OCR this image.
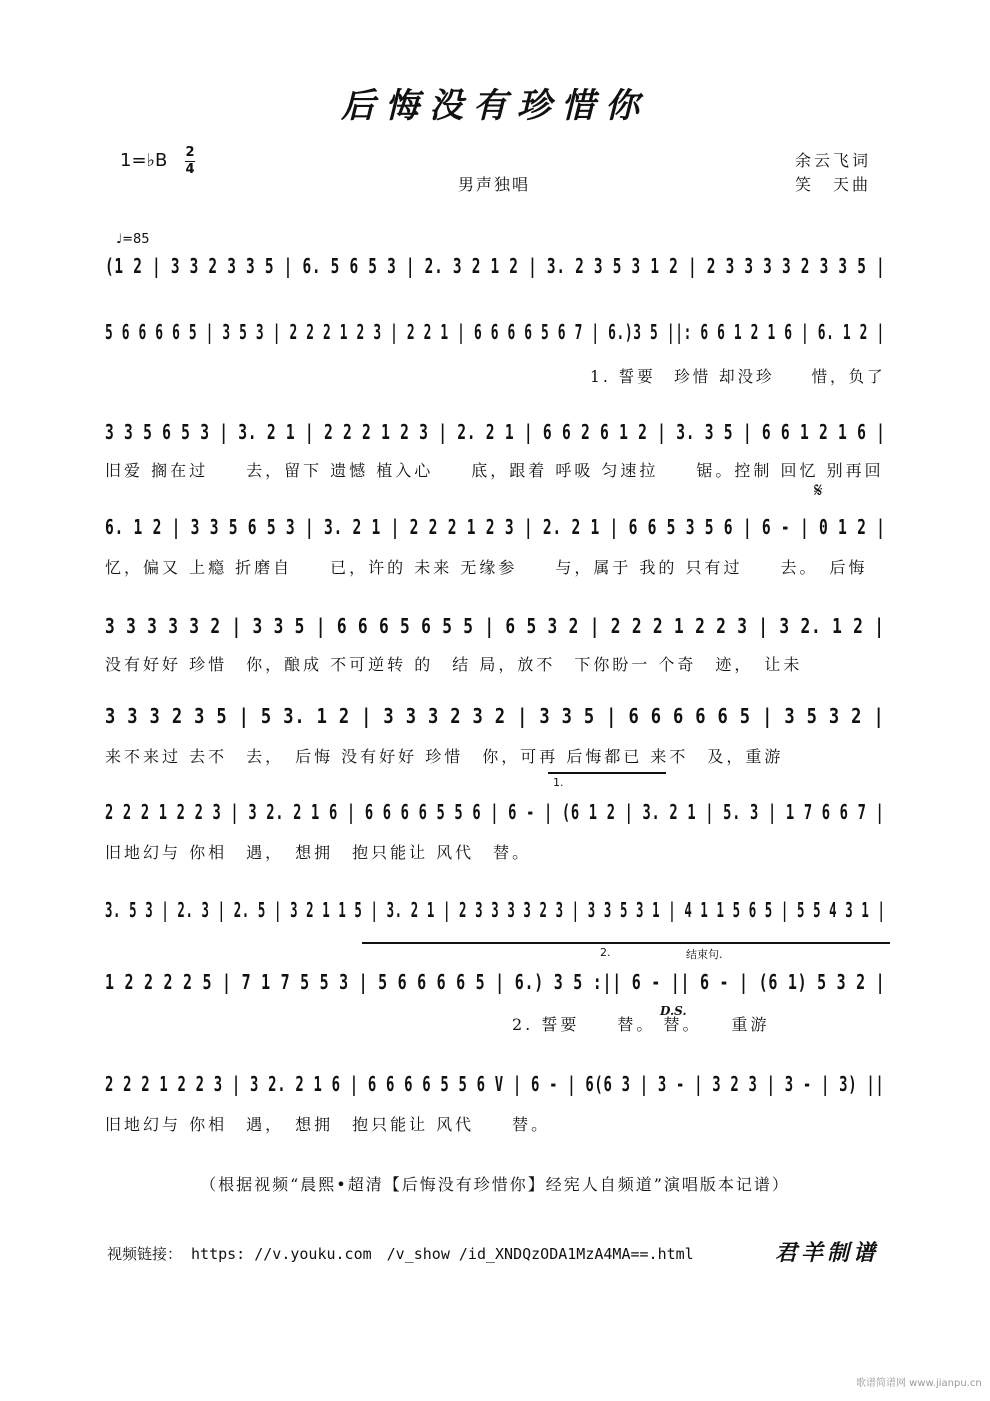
后悔没有珍惜你
1=♭B 2
4
男声独唱
余云飞词
笑　天曲
♩=85
(1 2 | 3 3 2 3 3 5 | 6. 5 6 5 3 | 2. 3 2 1 2 | 3. 2 3 5 3 1 2 | 2 3 3 3 3 2 3 3 5 |
5 6 6 6 6 5 | 3 5 3 | 2 2 2 1 2 3 | 2 2 1 | 6 6 6 6 5 6 7 | 6.)3 5 ||: 6 6 1 2 1 6 | 6. 1 2 |
1. 誓要　珍惜 却没珍　　惜，负了
3 3 5 6 5 3 | 3. 2 1 | 2 2 2 1 2 3 | 2. 2 1 | 6 6 2 6 1 2 | 3. 3 5 | 6 6 1 2 1 6 |
旧爱 搁在过　　去，留下 遗憾 植入心　　底，跟着 呼吸 匀速拉　　锯。控制 回忆 别再回
𝄋
6. 1 2 | 3 3 5 6 5 3 | 3. 2 1 | 2 2 2 1 2 3 | 2. 2 1 | 6 6 5 3 5 6 | 6 - | 0 1 2 |
忆，偏又 上瘾 折磨自　　已，许的 未来 无缘参　　与，属于 我的 只有过　　去。　后悔
3 3 3 3 3 2 | 3 3 5 | 6 6 6 5 6 5 5 | 6 5 3 2 | 2 2 2 1 2 2 3 | 3 2. 1 2 |
没有好好 珍惜　你，酿成 不可逆转 的　结 局，放不　下你盼一 个奇　迹，　让未
3 3 3 2 3 5 | 5 3. 1 2 | 3 3 3 2 3 2 | 3 3 5 | 6 6 6 6 6 5 | 3 5 3 2 |
来不来过 去不　去，　后悔 没有好好 珍惜　你，可再 后悔都已 来不　及，重游
1.
2 2 2 1 2 2 3 | 3 2. 2 1 6 | 6 6 6 6 5 5 6 | 6 - | (6 1 2 | 3. 2 1 | 5. 3 | 1 7 6 6 7 |
旧地幻与 你相　遇，　想拥　抱只能让 风代　替。
3. 5 3 | 2. 3 | 2. 5 | 3 2 1 1 5 | 3. 2 1 | 2 3 3 3 3 2 3 | 3 3 5 3 1 | 4 1 1 5 6 5 | 5 5 4 3 1 |
2.	结束句.
1 2 2 2 2 5 | 7 1 7 5 5 3 | 5 6 6 6 6 5 | 6.) 3 5 :|| 6 - || 6 - | (6 1) 5 3 2 |
2. 誓要　　替。 替。　　重游
D.S.
2 2 2 1 2 2 3 | 3 2. 2 1 6 | 6 6 6 6 5 5 6 V | 6 - | 6(6 3 | 3 - | 3 2 3 | 3 - | 3) ||
旧地幻与 你相　遇，　想拥　抱只能让 风代　　替。
（根据视频“晨熙•超清【后悔没有珍惜你】经宪人自频道”演唱版本记谱）
视频链接： https: //v.youku.com　/v_show /id_XNDQzODA1MzA4MA==.html	君羊制谱
歌谱简谱网 www.jianpu.cn
